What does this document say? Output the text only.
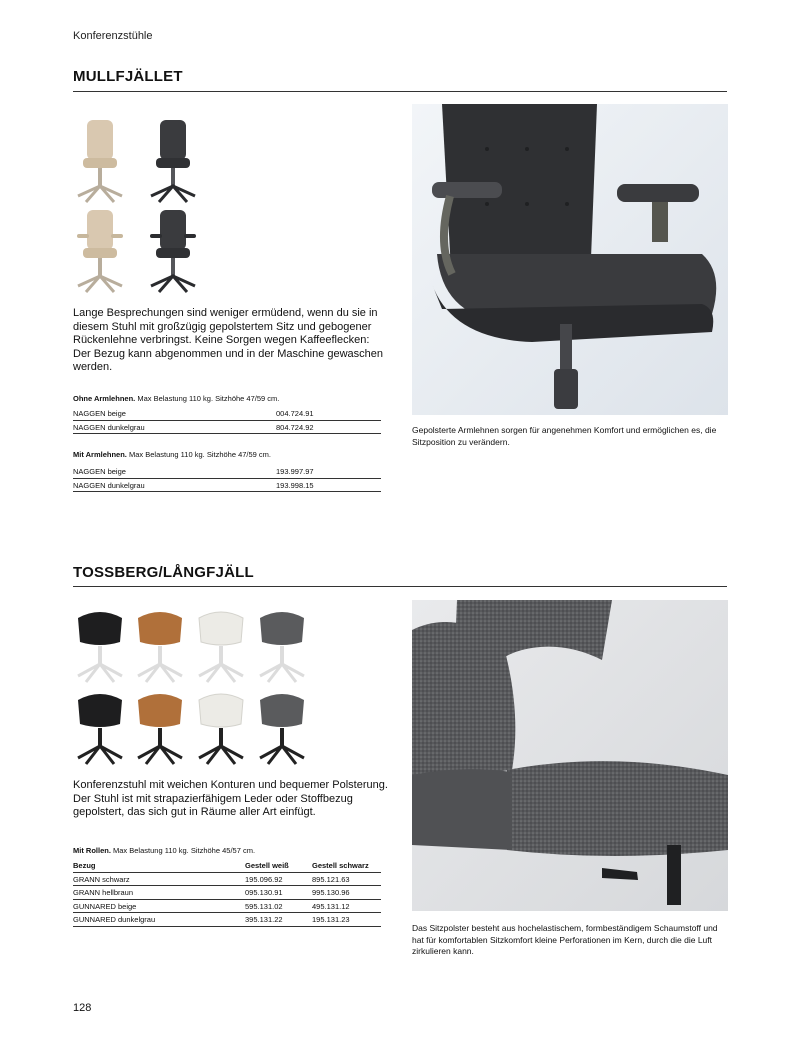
Konferenzstühle
MULLFJÄLLET
Lange Besprechungen sind weniger ermüdend, wenn du sie in diesem Stuhl mit großzügig gepolstertem Sitz und gebogener Rückenlehne verbringst. Keine Sorgen wegen Kaffeeflecken: Der Bezug kann abgenommen und in der Maschine gewaschen werden.
Ohne Armlehnen. Max Belastung 110 kg. Sitzhöhe 47/59 cm.
NAGGEN beige	004.724.91
NAGGEN dunkelgrau	804.724.92
Mit Armlehnen. Max Belastung 110 kg. Sitzhöhe 47/59 cm.
NAGGEN beige	193.997.97
NAGGEN dunkelgrau	193.998.15
Gepolsterte Armlehnen sorgen für angenehmen Komfort und ermöglichen es, die Sitzposition zu verändern.
TOSSBERG/LÅNGFJÄLL
Konferenzstuhl mit weichen Konturen und bequemer Polsterung. Der Stuhl ist mit strapazierfähigem Leder oder Stoffbezug gepolstert, das sich gut in Räume aller Art einfügt.
Mit Rollen. Max Belastung 110 kg. Sitzhöhe 45/57 cm.
Bezug	Gestell weiß	Gestell schwarz
GRANN schwarz	195.096.92	895.121.63
GRANN hellbraun	095.130.91	995.130.96
GUNNARED beige	595.131.02	495.131.12
GUNNARED dunkelgrau	395.131.22	195.131.23
Das Sitzpolster besteht aus hochelastischem, formbeständigem Schaumstoff und hat für komfortablen Sitzkomfort kleine Perforationen im Kern, durch die die Luft zirkulieren kann.
128
